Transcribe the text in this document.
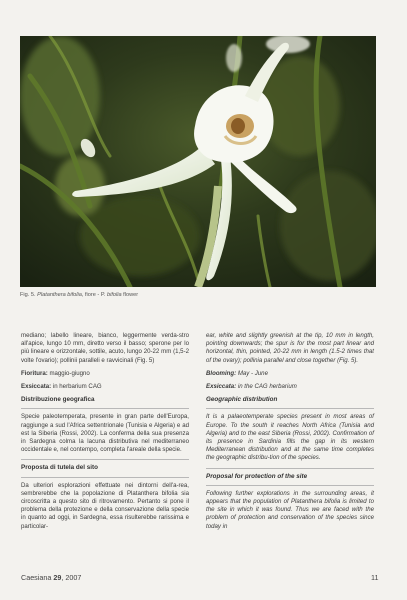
Fig. 5. Platanthera bifolia, fiore - P. bifolia flower

mediano; labello lineare, bianco, leggermente verda-stro all'apice, lungo 10 mm, diretto verso il basso; sperone per lo più lineare e orizzontale, sottile, acuto, lungo 20-22 mm (1,5-2 volte l'ovario); pollinii paralleli e ravvicinali (Fig. 5)

Fioritura: maggio-giugno
Exsiccata: in herbarium CAG
Distribuzione geografica

Specie paleotemperata, presente in gran parte dell'Europa, raggiunge a sud l'Africa settentrionale (Tunisia e Algeria) e ad est la Siberia (Rossi, 2002). La conferma della sua presenza in Sardegna colma la lacuna distributiva nel mediterraneo occidentale e, nel contempo, completa l'areale della specie.

Proposta di tutela del sito

Da ulteriori esplorazioni effettuate nei dintorni dell'a-rea, sembrerebbe che la popolazione di Platanthera bifolia sia circoscritta a questo sito di ritrovamento. Pertanto si pone il problema della protezione e della conservazione della specie in quanto ad oggi, in Sardegna, essa risulterebbe rarissima e particolar-

ear, white and slightly greenish at the tip, 10 mm in length, pointing downwards; the spur is for the most part linear and horizontal, thin, pointed, 20-22 mm in length (1.5-2 times that of the ovary); pollinia parallel and close together (Fig. 5).

Blooming: May - June
Exsiccata: in the CAG herbarium
Geographic distribution

It is a palaeotemperate species present in most areas of Europe. To the south it reaches North Africa (Tunisia and Algeria) and to the east Siberia (Rossi, 2002). Confirmation of its presence in Sardinia fills the gap in its western Mediterranean distribution and at the same time completes the geographic distribu-tion of the species.

Proposal for protection of the site

Following further explorations in the surrounding areas, it appears that the population of Platanthera bifolia is limited to the site in which it was found. Thus we are faced with the problem of protection and conservation of the species since today in

Caesiana 29, 2007	11
